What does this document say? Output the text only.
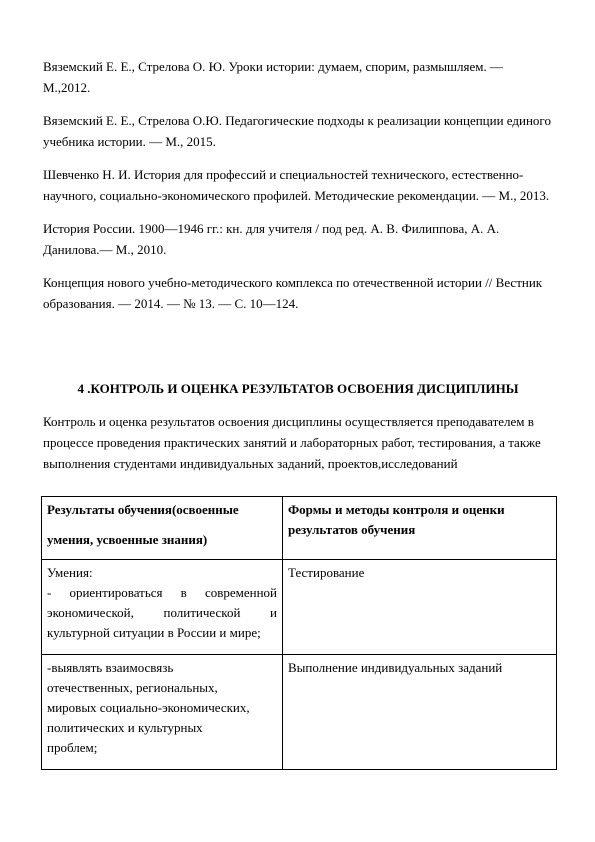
Вяземский Е. Е., Стрелова О. Ю. Уроки истории: думаем, спорим, размышляем. — М.,2012.

Вяземский Е. Е., Стрелова О.Ю. Педагогические подходы к реализации концепции единого учебника истории. — М., 2015.

Шевченко Н. И. История для профессий и специальностей технического, естественно-научного, социально-экономического профилей. Методические рекомендации. — М., 2013.

История России. 1900—1946 гг.: кн. для учителя / под ред. А. В. Филиппова, А. А. Данилова.— М., 2010.

Концепция нового учебно-методического комплекса по отечественной истории // Вестник образования. — 2014. — № 13. — С. 10—124.

4 .КОНТРОЛЬ И ОЦЕНКА РЕЗУЛЬТАТОВ ОСВОЕНИЯ ДИСЦИПЛИНЫ
Контроль и оценка результатов освоения дисциплины осуществляется преподавателем в процессе проведения практических занятий и лабораторных работ, тестирования, а также выполнения студентами индивидуальных заданий, проектов,исследований
Результаты обучения(освоенные
умения, усвоенные знания)	Формы и методы контроля и оценки результатов обучения

Умения:
- ориентироваться в современной экономической, политической и культурной ситуации в России и мире;	Тестирование

-выявлять взаимосвязь
отечественных, региональных,
мировых социально-экономических,
политических и культурных
проблем;	Выполнение индивидуальных заданий
